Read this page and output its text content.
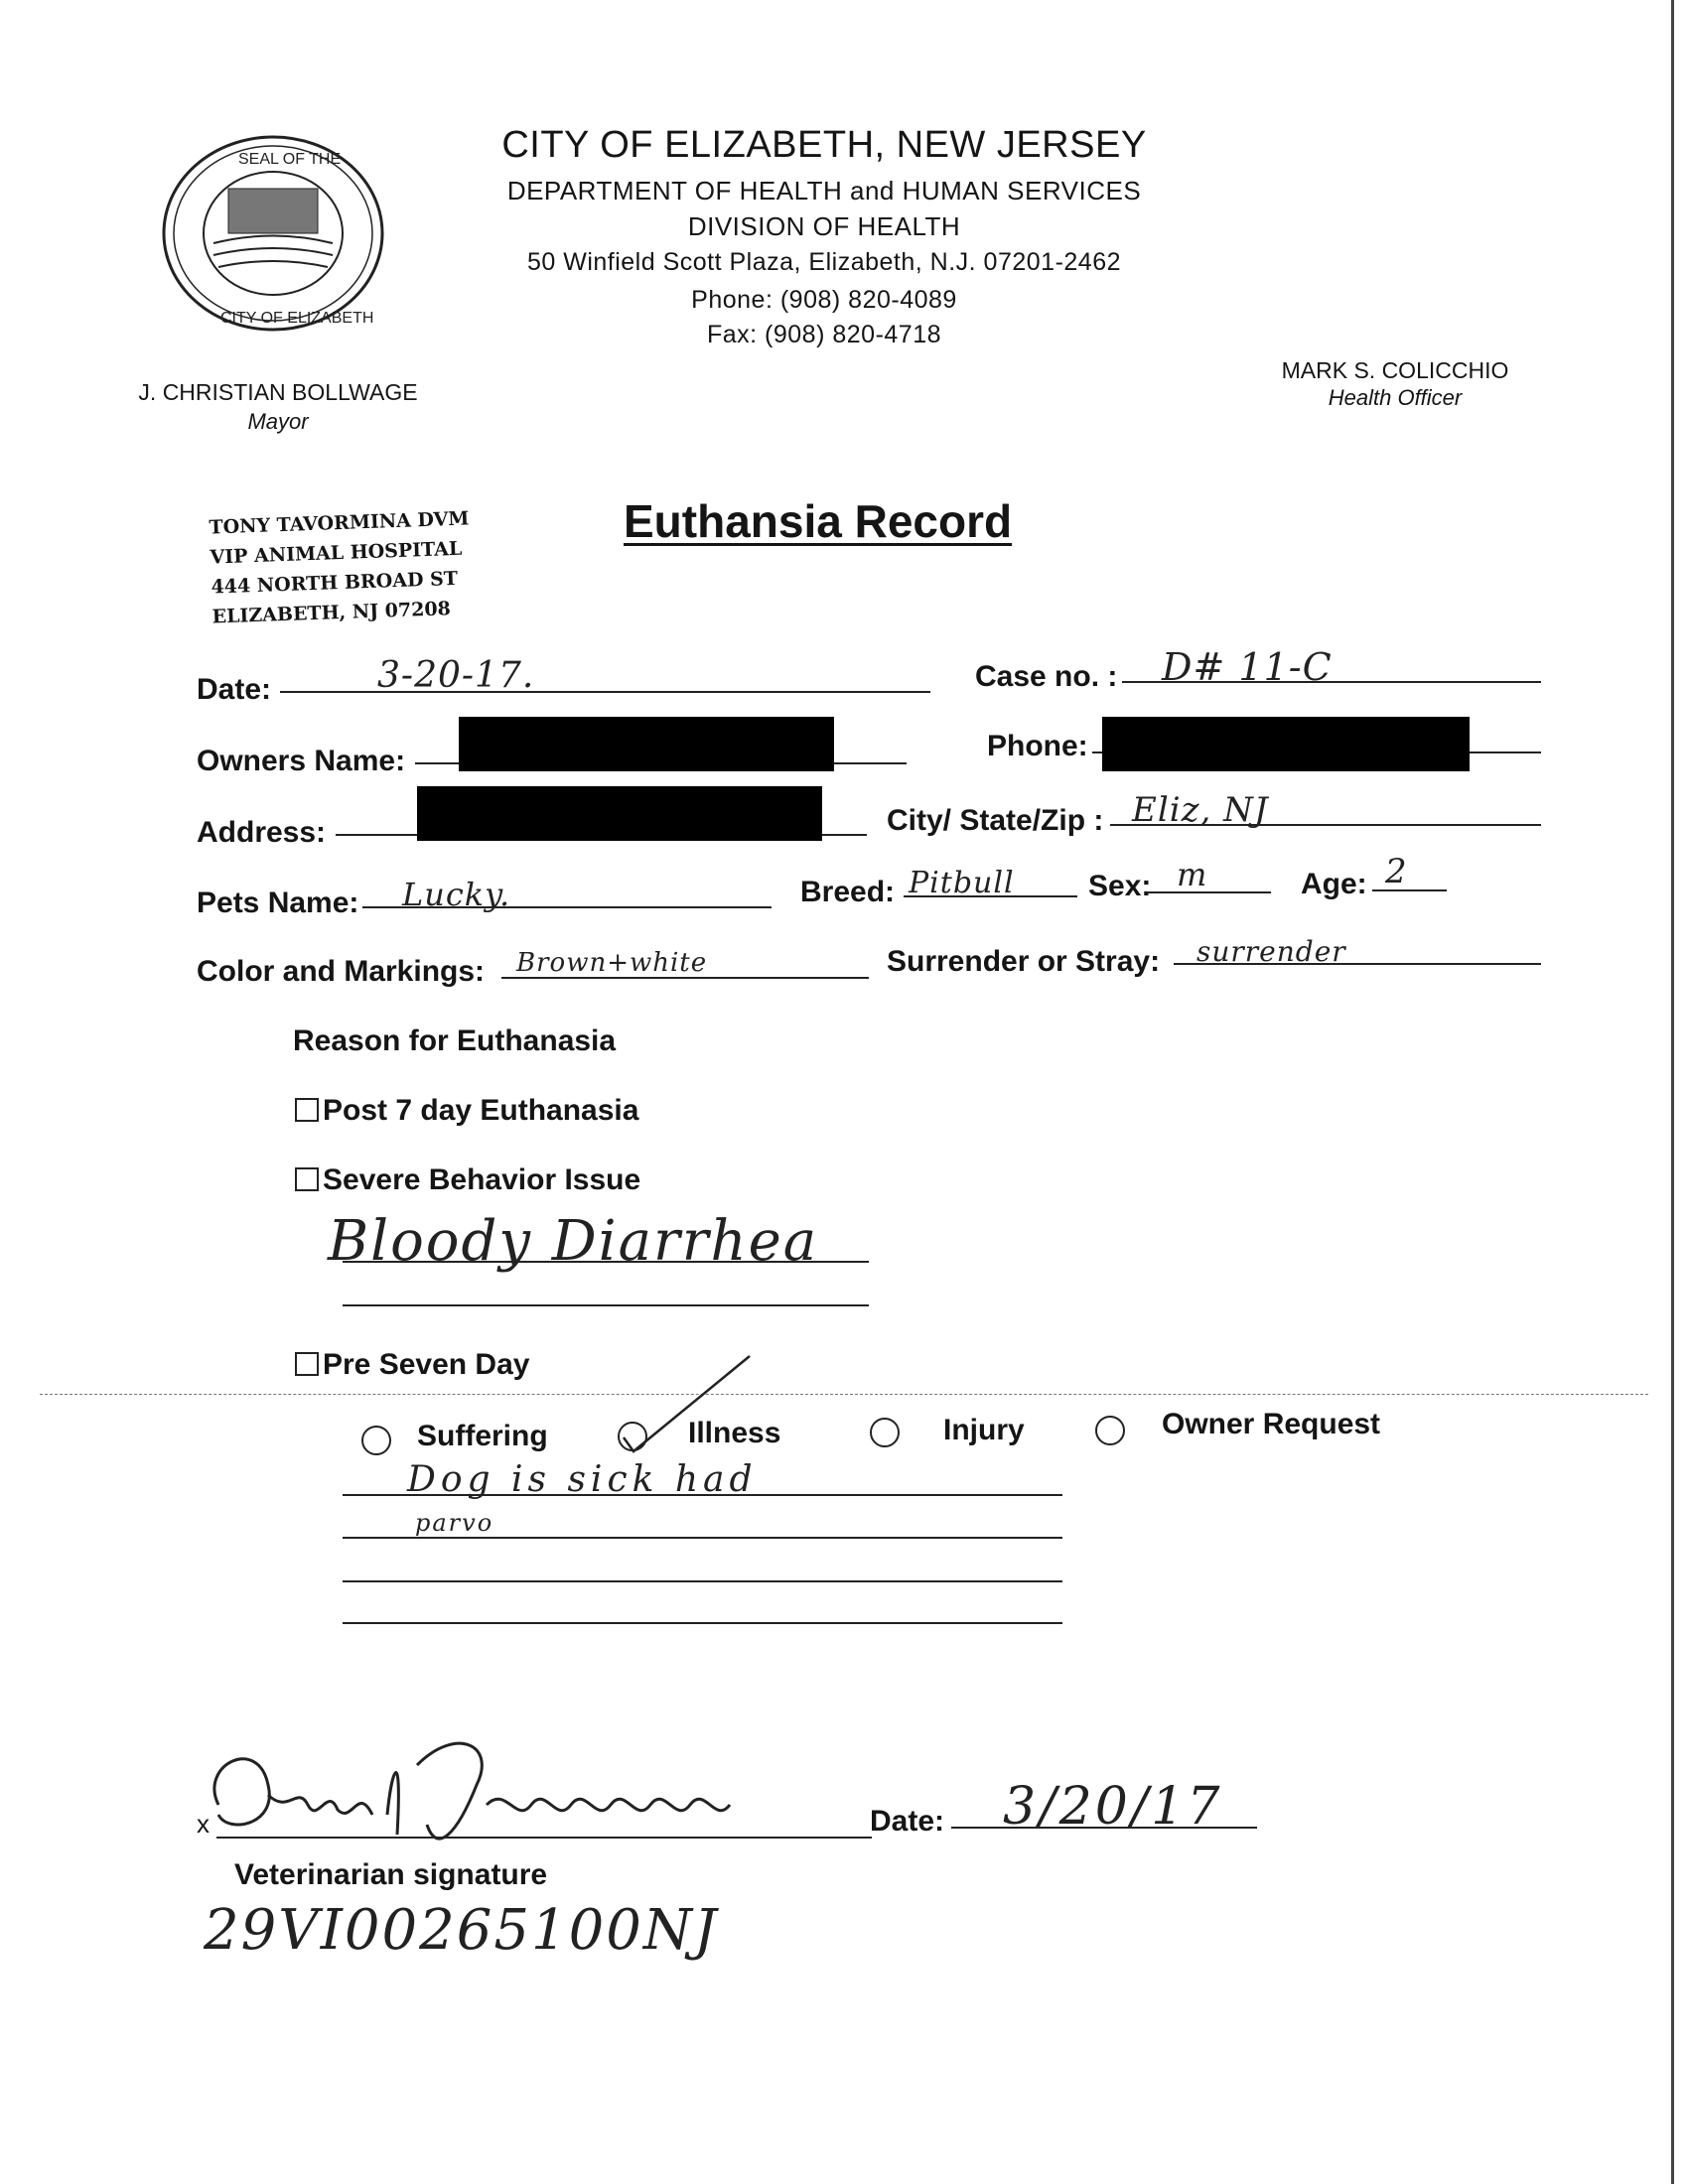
SEAL OF THE
CITY OF ELIZABETH
CITY OF ELIZABETH, NEW JERSEY
DEPARTMENT OF HEALTH and HUMAN SERVICES
DIVISION OF HEALTH
50 Winfield Scott Plaza, Elizabeth, N.J. 07201-2462
Phone: (908) 820-4089
Fax: (908) 820-4718
J. CHRISTIAN BOLLWAGE
Mayor
MARK S. COLICCHIO
Health Officer
TONY TAVORMINA DVM
VIP ANIMAL HOSPITAL
444 NORTH BROAD ST
ELIZABETH, NJ 07208
Euthansia Record
Date:	3-20-17.	Case no. : D# 11-C
Owners Name:	Phone:
Address:	City/ State/Zip : Eliz, NJ
Pets Name: Lucky.	Breed: Pitbull Sex: m	Age: 2
Color and Markings: Brown+white	Surrender or Stray: surrender
Reason for Euthanasia
Post 7 day Euthanasia
Severe Behavior Issue
Bloody Diarrhea
Pre Seven Day
Suffering	Illness	Injury	Owner Request
Dog is sick had
parvo
x	Date: 3/20/17
Veterinarian signature
29VI00265100NJ
